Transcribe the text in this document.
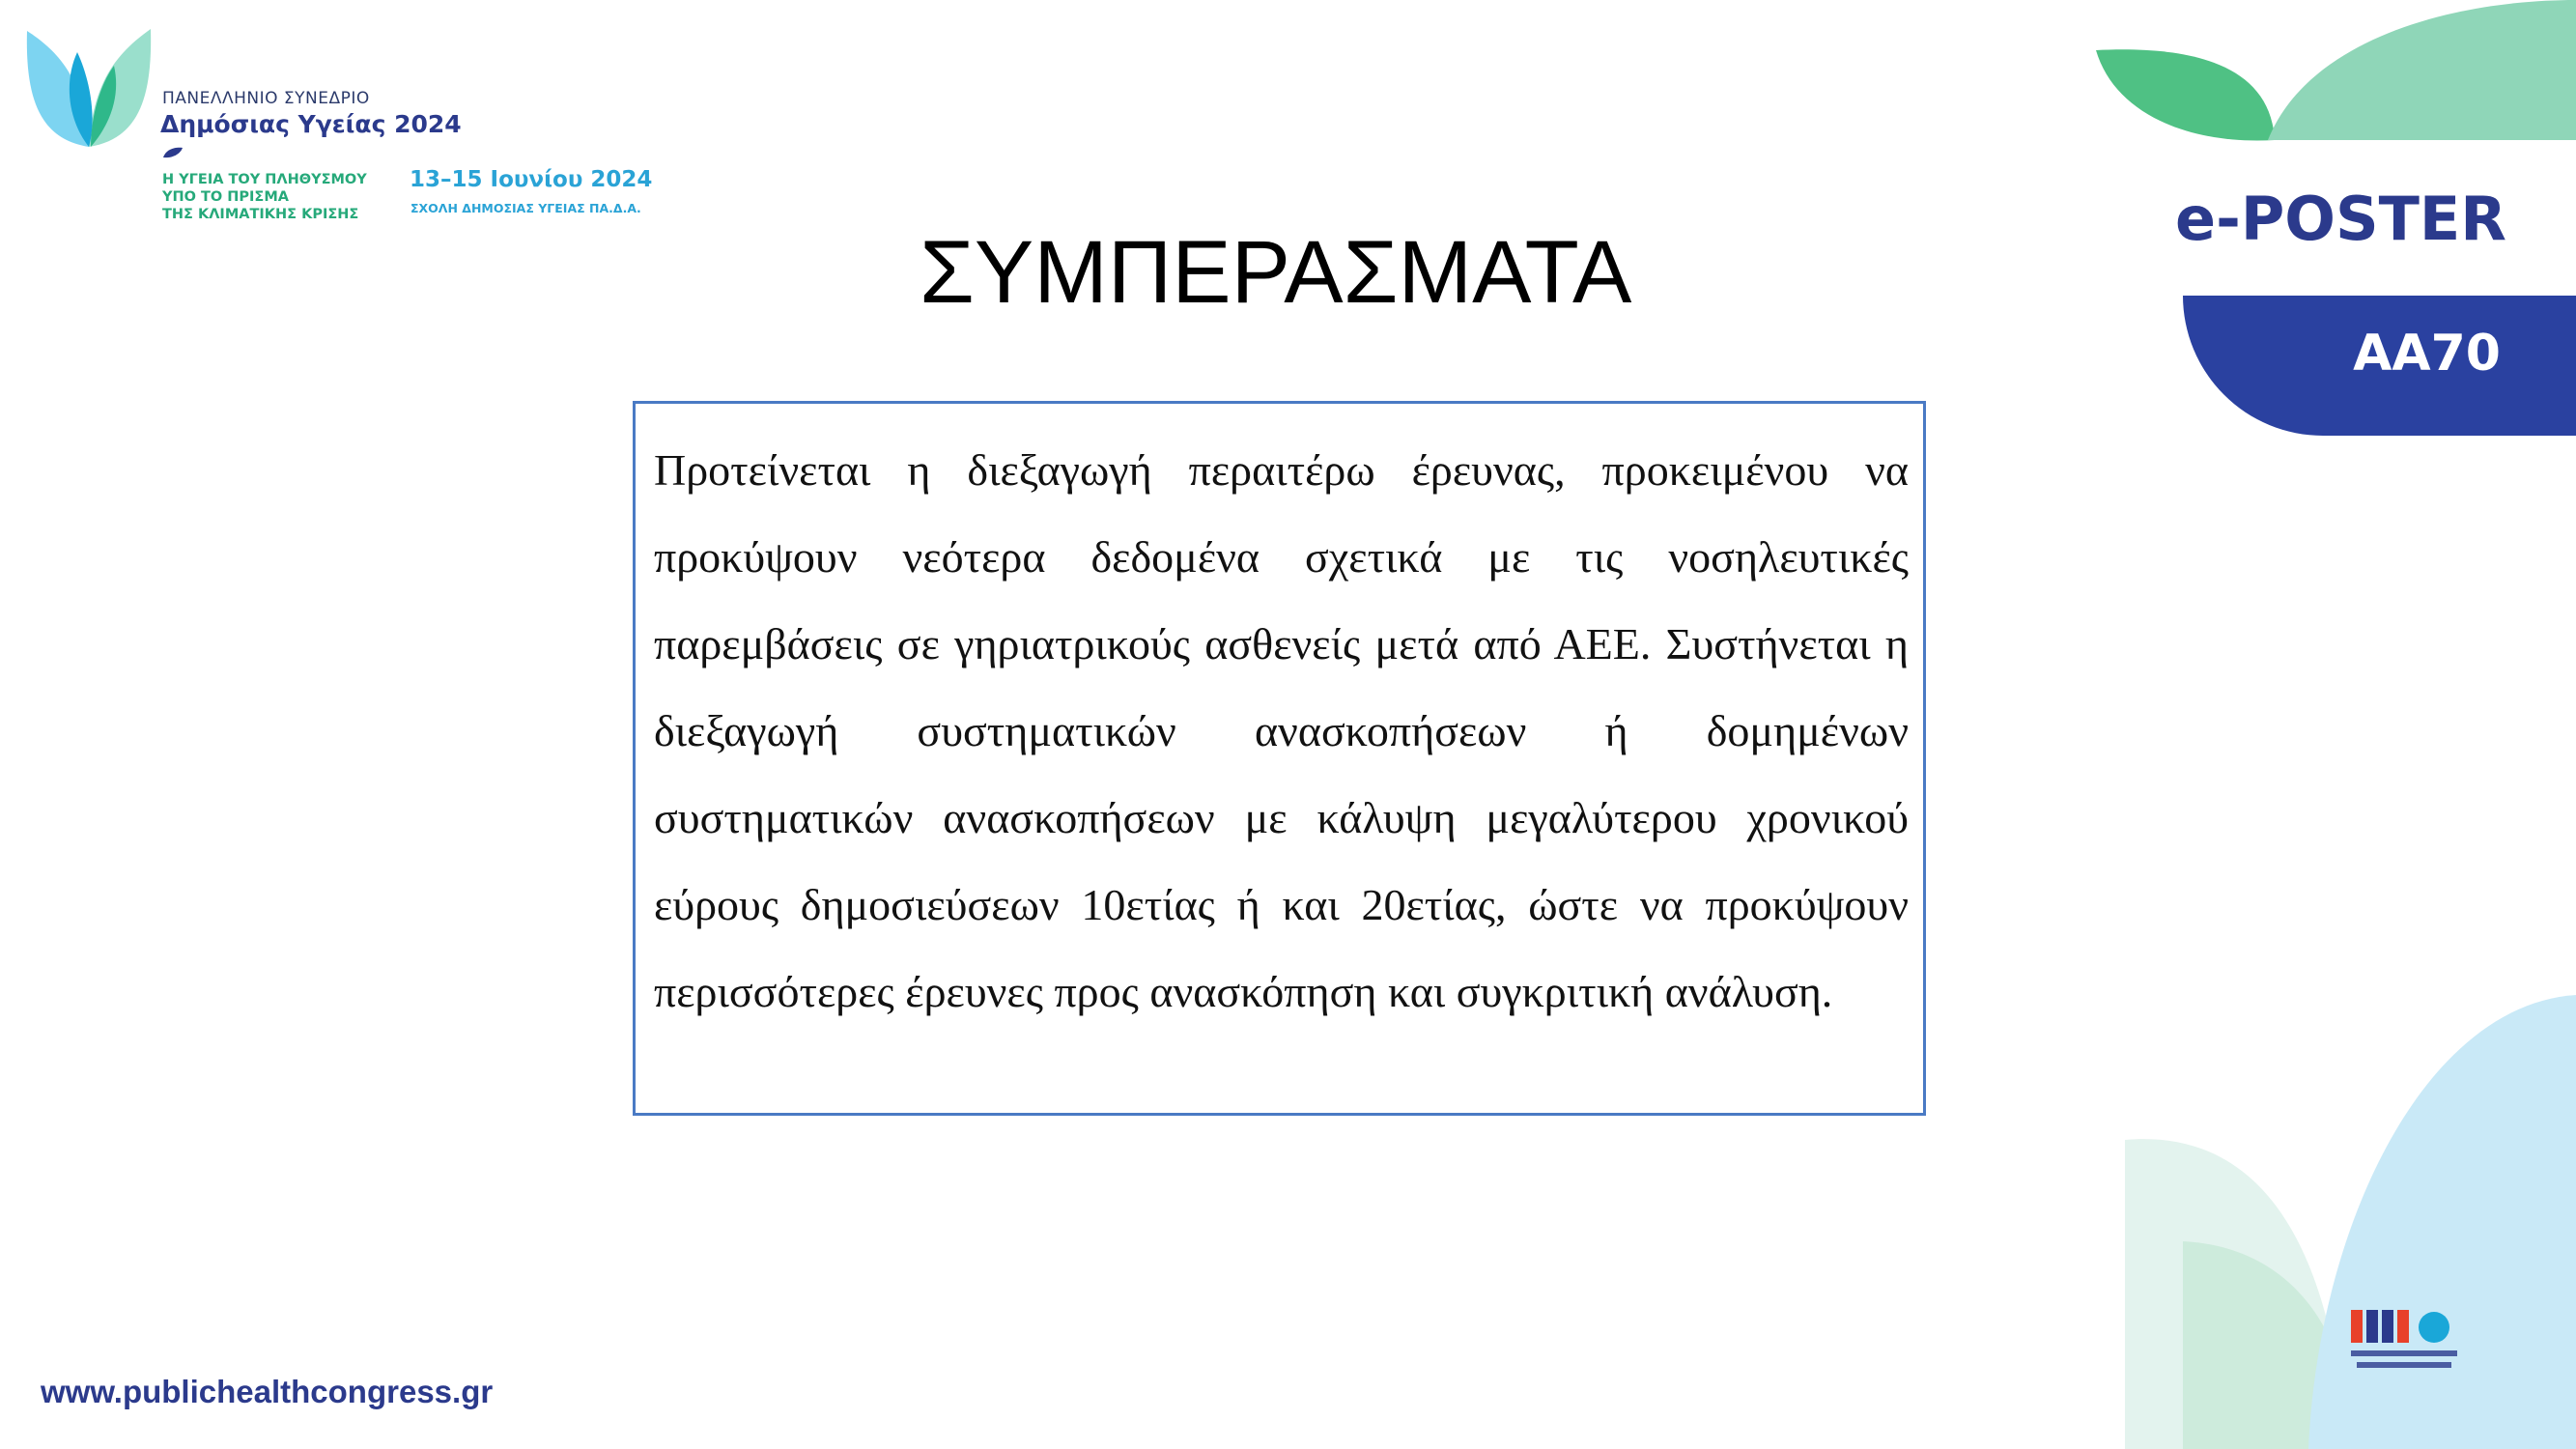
ΠΑΝΕΛΛΗΝΙΟ ΣΥΝΕΔΡΙΟ
Δημόσιας Υγείας 2024
Η ΥΓΕΙΑ ΤΟΥ ΠΛΗΘΥΣΜΟΥ
ΥΠΟ ΤΟ ΠΡΙΣΜΑ
ΤΗΣ ΚΛΙΜΑΤΙΚΗΣ ΚΡΙΣΗΣ
13–15 Ιουνίου 2024
ΣΧΟΛΗ ΔΗΜΟΣΙΑΣ ΥΓΕΙΑΣ ΠΑ.Δ.Α.	e-POSTER
AA70
ΣΥΜΠΕΡΑΣΜΑΤΑ

Προτείνεται η διεξαγωγή περαιτέρω έρευνας, προκειμένου να προκύψουν νεότερα δεδομένα σχετικά με τις νοσηλευτικές παρεμβάσεις σε γηριατρικούς ασθενείς μετά από ΑΕΕ. Συστήνεται η διεξαγωγή συστηματικών ανασκοπήσεων ή δομημένων συστηματικών ανασκοπήσεων με κάλυψη μεγαλύτερου χρονικού εύρους δημοσιεύσεων 10ετίας ή και 20ετίας, ώστε να προκύψουν περισσότερες έρευνες προς ανασκόπηση και συγκριτική ανάλυση.

www.publichealthcongress.gr
